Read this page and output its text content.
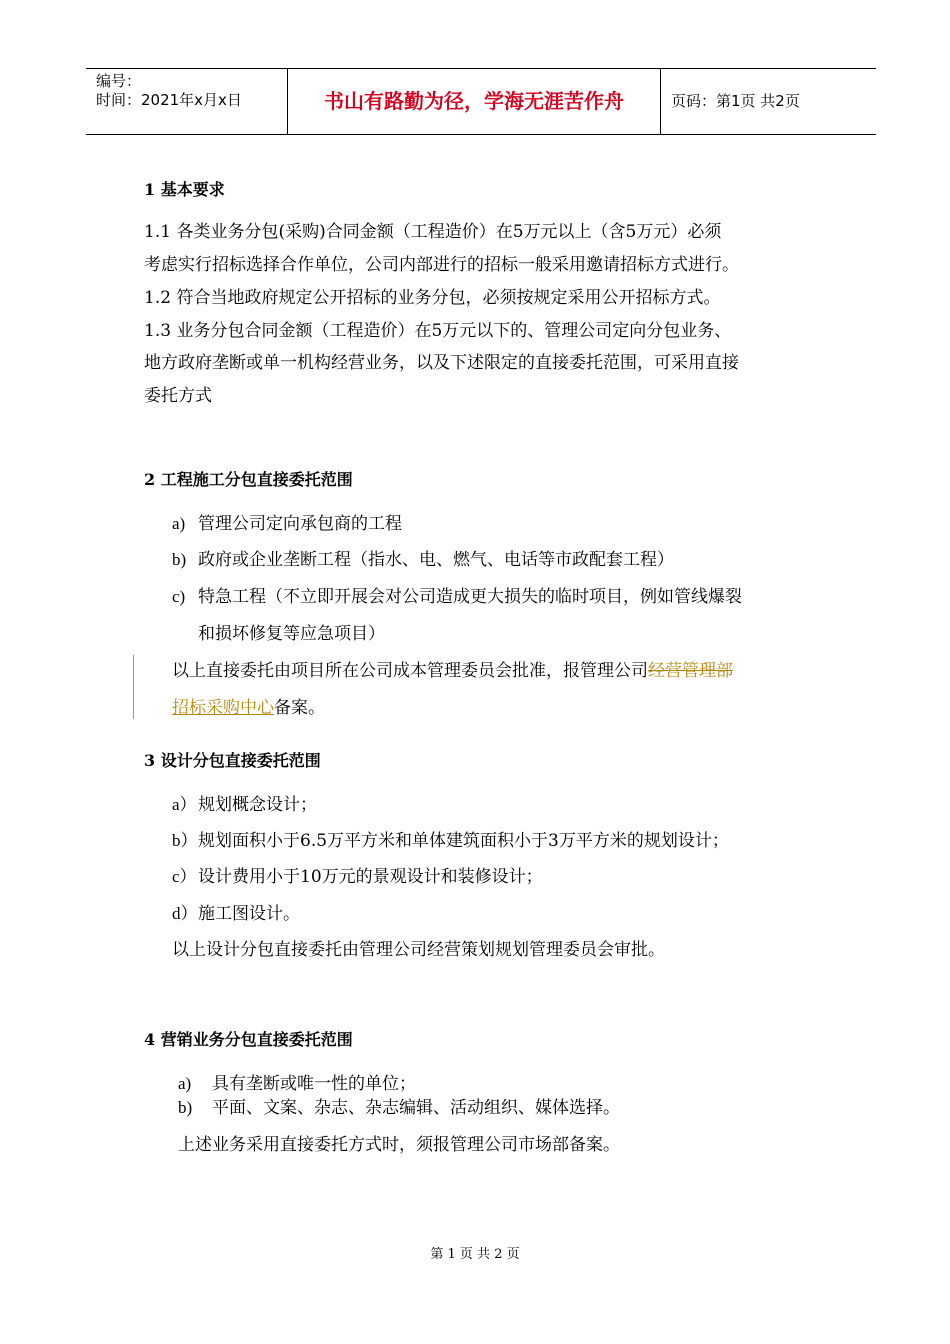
编号：
时间：2021年x月x日	书山有路勤为径，学海无涯苦作舟	页码：第1页 共2页
1 基本要求
1.1 各类业务分包(采购)合同金额（工程造价）在5万元以上（含5万元）必须
考虑实行招标选择合作单位，公司内部进行的招标一般采用邀请招标方式进行。
1.2 符合当地政府规定公开招标的业务分包，必须按规定采用公开招标方式。
1.3 业务分包合同金额（工程造价）在5万元以下的、管理公司定向分包业务、
地方政府垄断或单一机构经营业务，以及下述限定的直接委托范围，可采用直接
委托方式
2 工程施工分包直接委托范围
a) 管理公司定向承包商的工程
b) 政府或企业垄断工程（指水、电、燃气、电话等市政配套工程）
c) 特急工程（不立即开展会对公司造成更大损失的临时项目，例如管线爆裂
和损坏修复等应急项目）
以上直接委托由项目所在公司成本管理委员会批准，报管理公司经营管理部
招标采购中心备案。
3 设计分包直接委托范围
a）规划概念设计；
b）规划面积小于6.5万平方米和单体建筑面积小于3万平方米的规划设计；
c）设计费用小于10万元的景观设计和装修设计；
d）施工图设计。
以上设计分包直接委托由管理公司经营策划规划管理委员会审批。
4 营销业务分包直接委托范围
a) 具有垄断或唯一性的单位；
b) 平面、文案、杂志、杂志编辑、活动组织、媒体选择。
上述业务采用直接委托方式时，须报管理公司市场部备案。
第 1 页 共 2 页
